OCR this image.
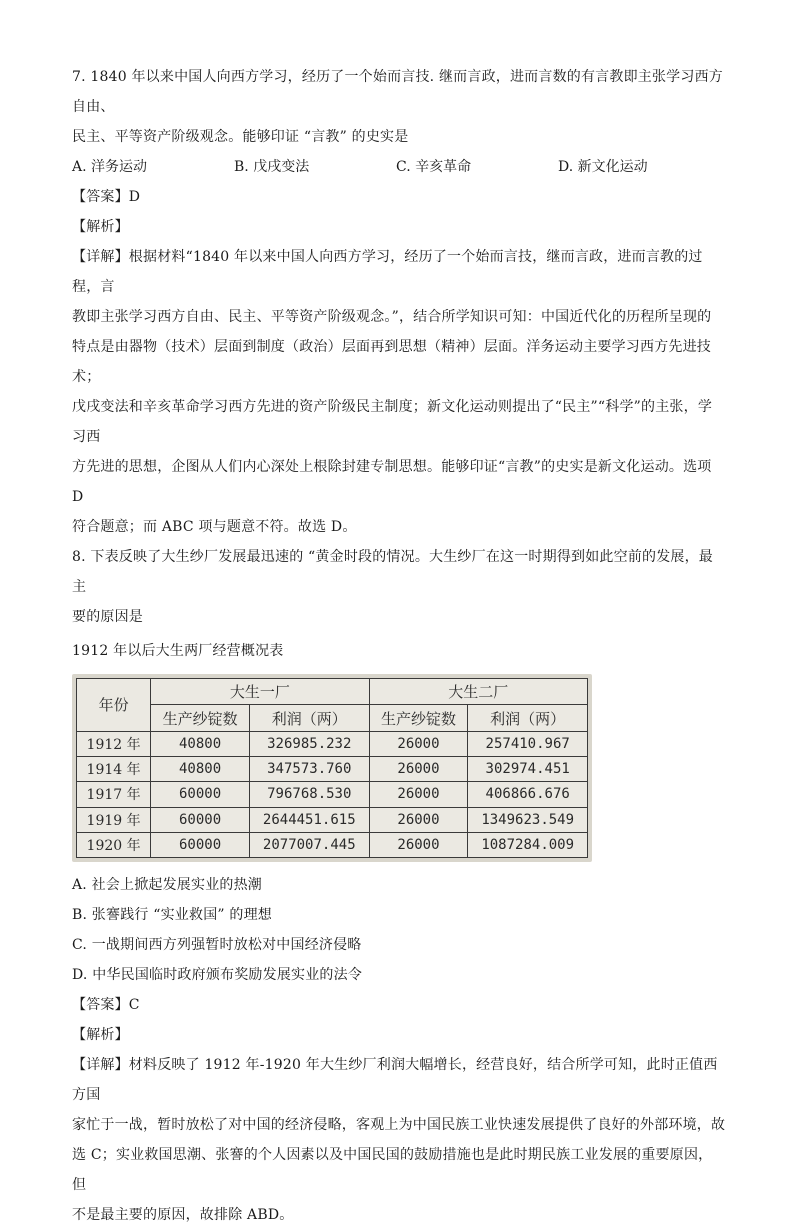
7. 1840 年以来中国人向西方学习，经历了一个始而言技. 继而言政，进而言数的有言教即主张学习西方自由、

民主、平等资产阶级观念。能够印证 “言教” 的史实是

A. 洋务运动	B. 戊戌变法	C. 辛亥革命	D. 新文化运动

【答案】D

【解析】

【详解】根据材料“1840 年以来中国人向西方学习，经历了一个始而言技，继而言政，进而言教的过程，言

教即主张学习西方自由、民主、平等资产阶级观念。”，结合所学知识可知：中国近代化的历程所呈现的

特点是由器物（技术）层面到制度（政治）层面再到思想（精神）层面。洋务运动主要学习西方先进技术；

戊戌变法和辛亥革命学习西方先进的资产阶级民主制度；新文化运动则提出了“民主”“科学”的主张，学习西

方先进的思想，企图从人们内心深处上根除封建专制思想。能够印证“言教”的史实是新文化运动。选项 D

符合题意；而 ABC 项与题意不符。故选 D。

8. 下表反映了大生纱厂发展最迅速的 “黄金时段的情况。大生纱厂在这一时期得到如此空前的发展，最主

要的原因是

1912 年以后大生两厂经营概况表

年份	大生一厂		大生二厂	
	生产纱锭数	利润（两）	生产纱锭数	利润（两）
1912 年	40800	326985.232	26000	257410.967
1914 年	40800	347573.760	26000	302974.451
1917 年	60000	796768.530	26000	406866.676
1919 年	60000	2644451.615	26000	1349623.549
1920 年	60000	2077007.445	26000	1087284.009

A. 社会上掀起发展实业的热潮

B. 张謇践行 “实业救国” 的理想

C. 一战期间西方列强暂时放松对中国经济侵略

D. 中华民国临时政府颁布奖励发展实业的法令

【答案】C

【解析】

【详解】材料反映了 1912 年-1920 年大生纱厂利润大幅增长，经营良好，结合所学可知，此时正值西方国

家忙于一战，暂时放松了对中国的经济侵略，客观上为中国民族工业快速发展提供了良好的外部环境，故

选 C；实业救国思潮、张謇的个人因素以及中国民国的鼓励措施也是此时期民族工业发展的重要原因，但

不是最主要的原因，故排除 ABD。
